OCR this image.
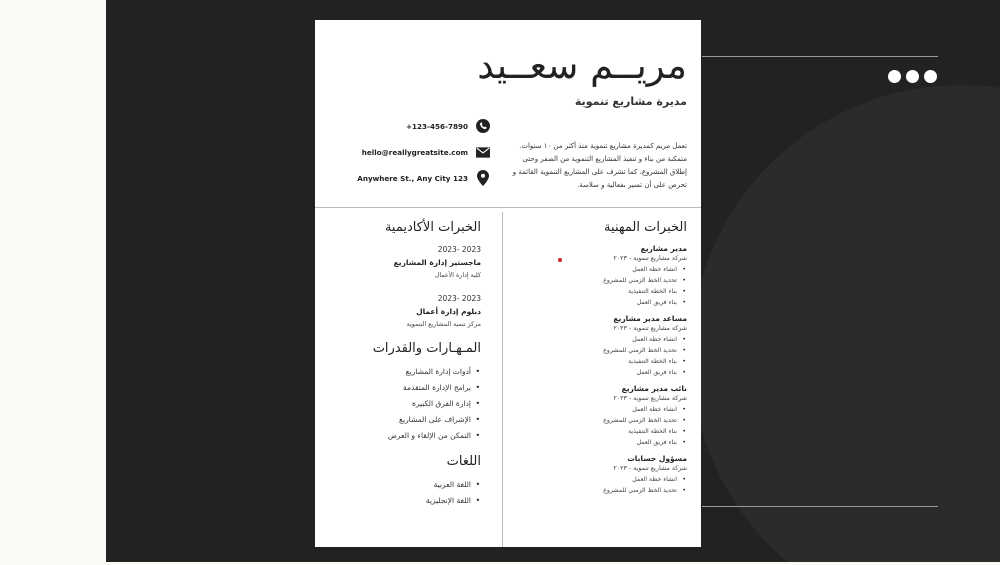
مريــم سعــيد
مديرة مشاريع تنموية
+123-456-7890
hello@reallygreatsite.com
Anywhere St., Any City 123
تعمل مريم كمديرة مشاريع تنموية منذ أكثر من ١٠ سنوات. متمكنة من بناء و تنفيذ المشاريع التنموية من الصفر وحتى إطلاق المشروع، كما تشرف على المشاريع التنموية القائمة و تحرص على أن تسير بفعالية و سلاسة.
الخبرات المهنية
مدير مشاريع
شركة مشاريع تنموية - ٢٠٢٣
• انشاء خطة العمل
• تحديد الخط الزمني للمشروع
• بناء الخطة التنفيذية
• بناء فريق العمل
مساعد مدير مشاريع
شركة مشاريع تنموية - ٢٠٢٣
• انشاء خطة العمل
• تحديد الخط الزمني للمشروع
• بناء الخطة التنفيذية
• بناء فريق العمل
نائب مدير مشاريع
شركة مشاريع تنموية - ٢٠٢٣
• انشاء خطة العمل
• تحديد الخط الزمني للمشروع
• بناء الخطة التنفيذية
• بناء فريق العمل
مسؤول حسابات
شركة مشاريع تنموية - ٢٠٢٣
• انشاء خطة العمل
• تحديد الخط الزمني للمشروع
الخبرات الأكاديمية
2023 -2023
ماجستير إدارة المشاريع
كلية إدارة الأعمال
2023 -2023
دبلوم إدارة أعمال
مركز تنمية المشاريع التنموية
المـهـارات والقدرات
• أدوات إدارة المشاريع
• برامج الإدارة المتقدمة
• إدارة الفرق الكبيرة
• الإشراف على المشاريع
• التمكن من الإلقاء و العرض
اللغات
• اللغة العربية
• اللغة الإنجليزية
